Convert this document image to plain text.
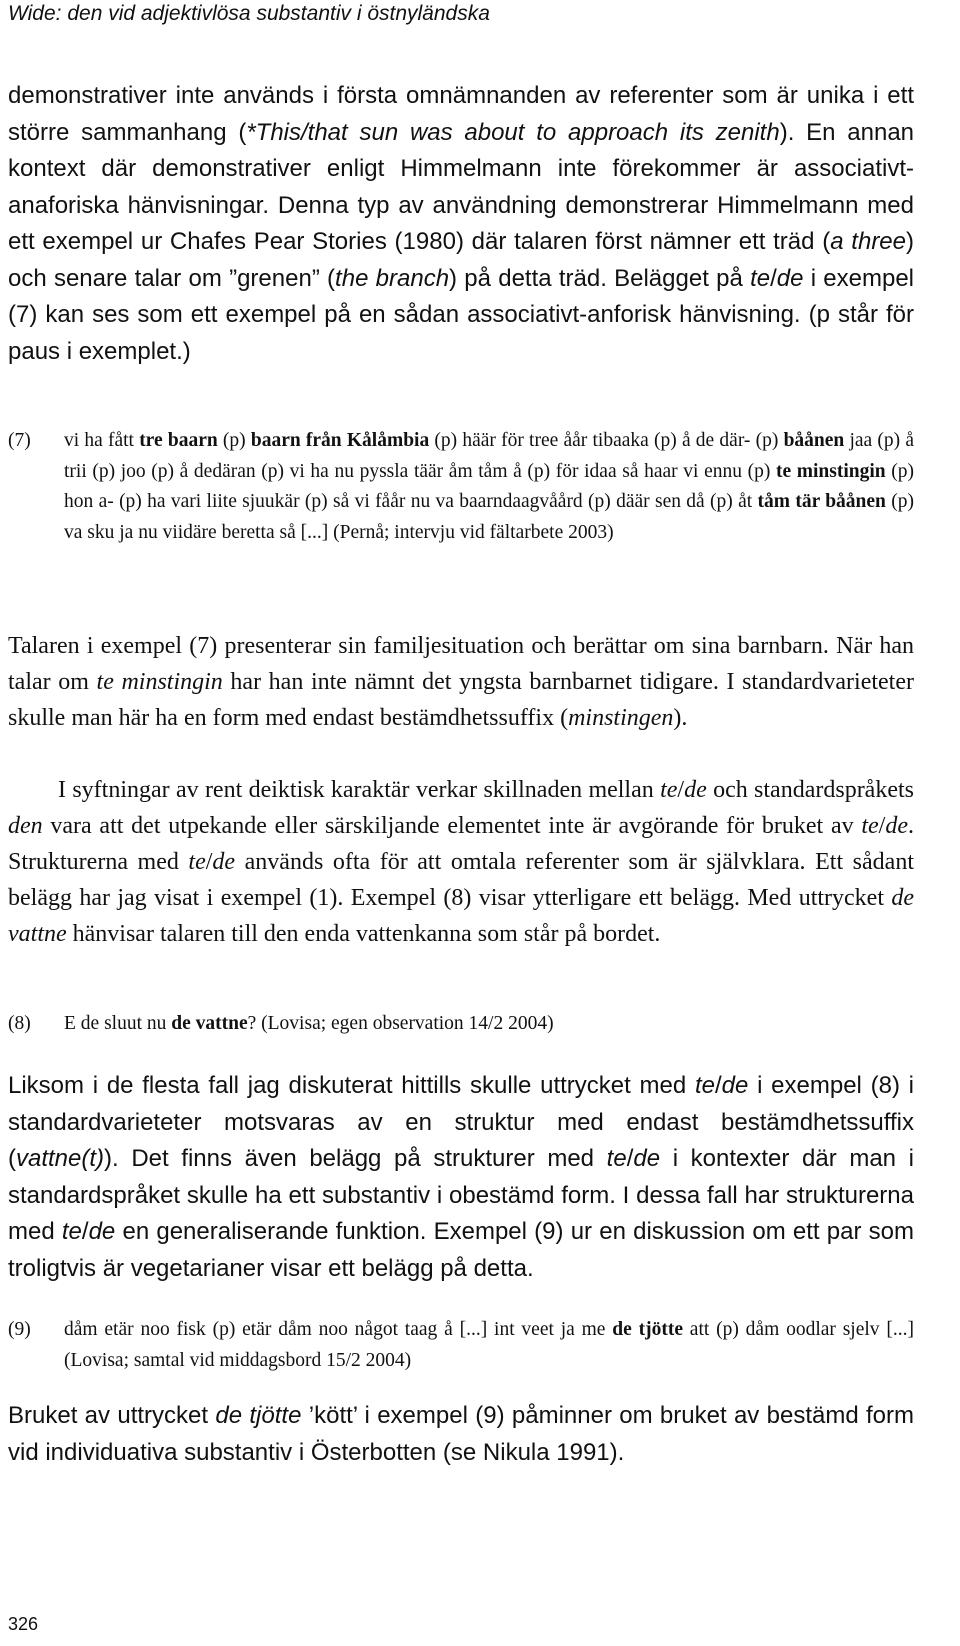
Wide: den vid adjektivlösa substantiv i östnyländska

demonstrativer inte används i första omnämnanden av referenter som är unika i ett större sammanhang (*This/that sun was about to approach its zenith). En annan kontext där demonstrativer enligt Himmelmann inte förekommer är associativt-anaforiska hänvisningar. Denna typ av användning demonstrerar Himmelmann med ett exempel ur Chafes Pear Stories (1980) där talaren först nämner ett träd (a three) och senare talar om ”grenen” (the branch) på detta träd. Belägget på te/de i exempel (7) kan ses som ett exempel på en sådan associativt-anforisk hänvisning. (p står för paus i exemplet.)

(7) vi ha fått tre baarn (p) baarn från Kålåmbia (p) häär för tree åår tibaaka (p) å de där- (p) båånen jaa (p) å trii (p) joo (p) å dedäran (p) vi ha nu pyssla täär åm tåm å (p) för idaa så haar vi ennu (p) te minstingin (p) hon a- (p) ha vari liite sjuukär (p) så vi fåår nu va baarndaagvåård (p) däär sen då (p) åt tåm tär båånen (p) va sku ja nu viidäre beretta så [...] (Pernå; intervju vid fältarbete 2003)

Talaren i exempel (7) presenterar sin familjesituation och berättar om sina barnbarn. När han talar om te minstingin har han inte nämnt det yngsta barnbarnet tidigare. I standardvarieteter skulle man här ha en form med endast bestämdhetssuffix (minstingen).

I syftningar av rent deiktisk karaktär verkar skillnaden mellan te/de och standardspråkets den vara att det utpekande eller särskiljande elementet inte är avgörande för bruket av te/de. Strukturerna med te/de används ofta för att omtala referenter som är självklara. Ett sådant belägg har jag visat i exempel (1). Exempel (8) visar ytterligare ett belägg. Med uttrycket de vattne hänvisar talaren till den enda vattenkanna som står på bordet.

(8) E de sluut nu de vattne? (Lovisa; egen observation 14/2 2004)

Liksom i de flesta fall jag diskuterat hittills skulle uttrycket med te/de i exempel (8) i standardvarieteter motsvaras av en struktur med endast bestämdhetssuffix (vattne(t)). Det finns även belägg på strukturer med te/de i kontexter där man i standardspråket skulle ha ett substantiv i obestämd form. I dessa fall har strukturerna med te/de en generaliserande funktion. Exempel (9) ur en diskussion om ett par som troligtvis är vegetarianer visar ett belägg på detta.

(9) dåm etär noo fisk (p) etär dåm noo något taag å [...] int veet ja me de tjötte att (p) dåm oodlar sjelv [...] (Lovisa; samtal vid middagsbord 15/2 2004)

Bruket av uttrycket de tjötte ’kött’ i exempel (9) påminner om bruket av bestämd form vid individuativa substantiv i Österbotten (se Nikula 1991).

326
